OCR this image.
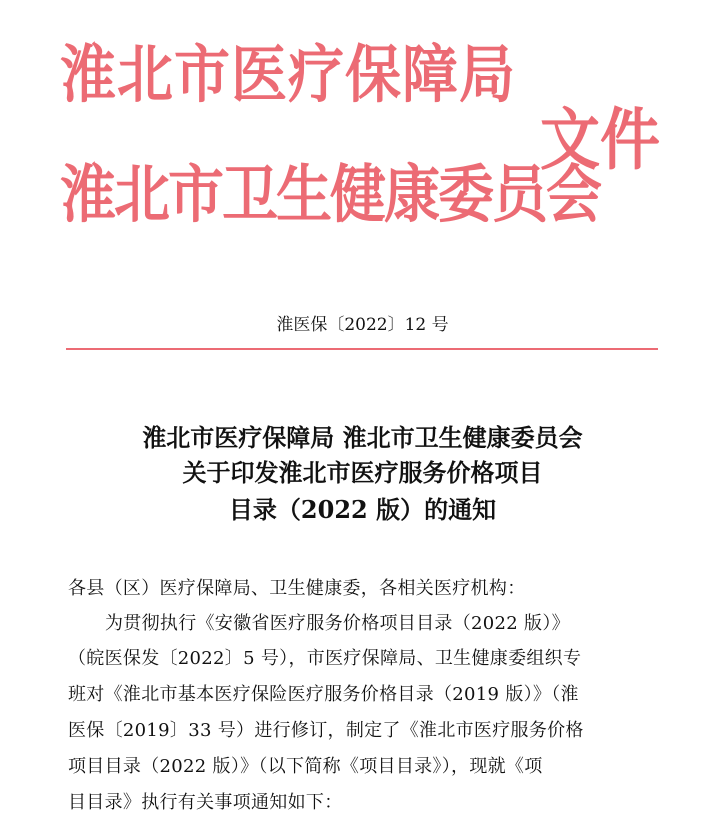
淮北市医疗保障局
淮北市卫生健康委员会
文件
淮医保〔2022〕12 号
淮北市医疗保障局 淮北市卫生健康委员会
关于印发淮北市医疗服务价格项目
目录（2022 版）的通知
各县（区）医疗保障局、卫生健康委，各相关医疗机构：
为贯彻执行《安徽省医疗服务价格项目目录（2022 版）》
（皖医保发〔2022〕5 号），市医疗保障局、卫生健康委组织专
班对《淮北市基本医疗保险医疗服务价格目录（2019 版）》（淮
医保〔2019〕33 号）进行修订，制定了《淮北市医疗服务价格
项目目录（2022 版）》（以下简称《项目目录》），现就《项
目目录》执行有关事项通知如下：
